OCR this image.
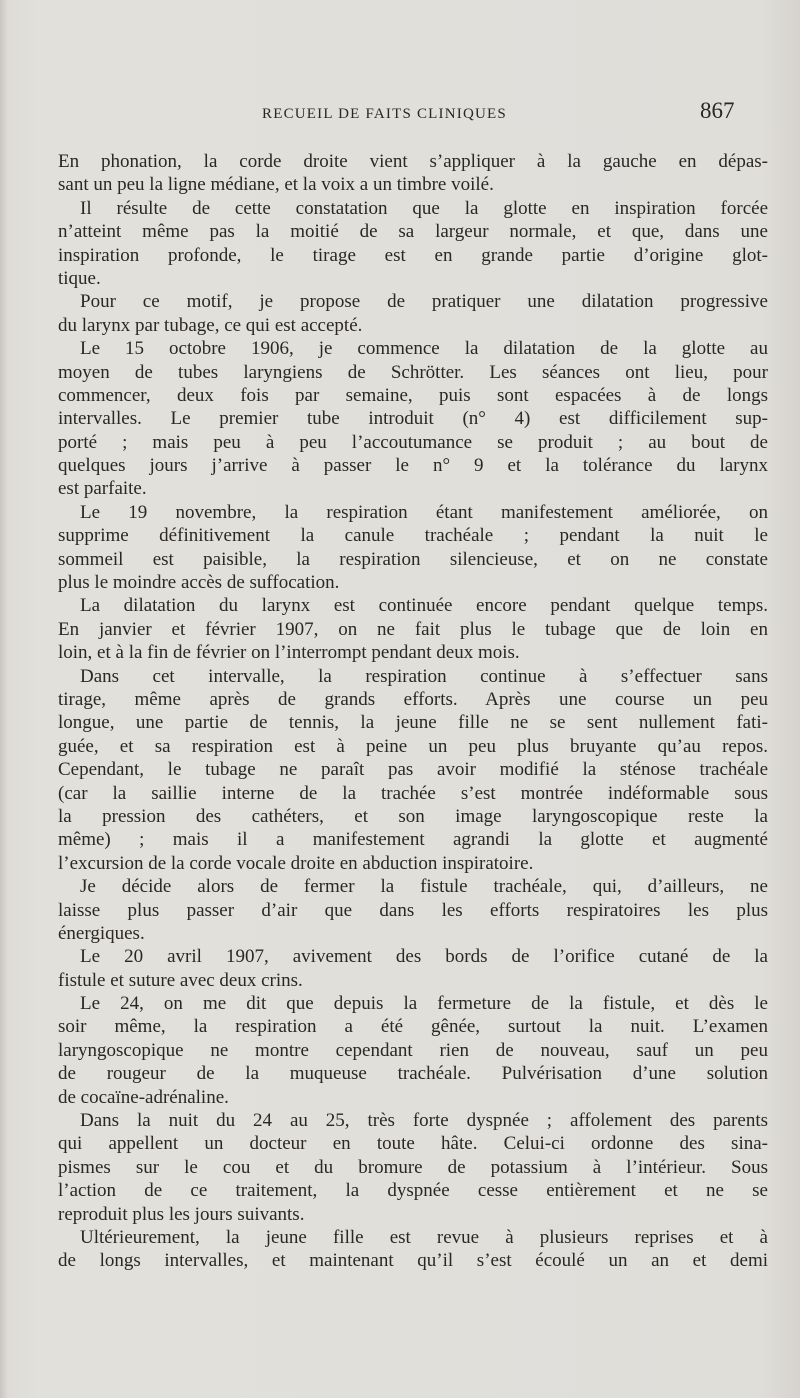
RECUEIL DE FAITS CLINIQUES	867
En phonation, la corde droite vient s’appliquer à la gauche en dépas-
sant un peu la ligne médiane, et la voix a un timbre voilé.
Il résulte de cette constatation que la glotte en inspiration forcée
n’atteint même pas la moitié de sa largeur normale, et que, dans une
inspiration profonde, le tirage est en grande partie d’origine glot-
tique.
Pour ce motif, je propose de pratiquer une dilatation progressive
du larynx par tubage, ce qui est accepté.
Le 15 octobre 1906, je commence la dilatation de la glotte au
moyen de tubes laryngiens de Schrötter. Les séances ont lieu, pour
commencer, deux fois par semaine, puis sont espacées à de longs
intervalles. Le premier tube introduit (n° 4) est difficilement sup-
porté ; mais peu à peu l’accoutumance se produit ; au bout de
quelques jours j’arrive à passer le n° 9 et la tolérance du larynx
est parfaite.
Le 19 novembre, la respiration étant manifestement améliorée, on
supprime définitivement la canule trachéale ; pendant la nuit le
sommeil est paisible, la respiration silencieuse, et on ne constate
plus le moindre accès de suffocation.
La dilatation du larynx est continuée encore pendant quelque temps.
En janvier et février 1907, on ne fait plus le tubage que de loin en
loin, et à la fin de février on l’interrompt pendant deux mois.
Dans cet intervalle, la respiration continue à s’effectuer sans
tirage, même après de grands efforts. Après une course un peu
longue, une partie de tennis, la jeune fille ne se sent nullement fati-
guée, et sa respiration est à peine un peu plus bruyante qu’au repos.
Cependant, le tubage ne paraît pas avoir modifié la sténose trachéale
(car la saillie interne de la trachée s’est montrée indéformable sous
la pression des cathéters, et son image laryngoscopique reste la
même) ; mais il a manifestement agrandi la glotte et augmenté
l’excursion de la corde vocale droite en abduction inspiratoire.
Je décide alors de fermer la fistule trachéale, qui, d’ailleurs, ne
laisse plus passer d’air que dans les efforts respiratoires les plus
énergiques.
Le 20 avril 1907, avivement des bords de l’orifice cutané de la
fistule et suture avec deux crins.
Le 24, on me dit que depuis la fermeture de la fistule, et dès le
soir même, la respiration a été gênée, surtout la nuit. L’examen
laryngoscopique ne montre cependant rien de nouveau, sauf un peu
de rougeur de la muqueuse trachéale. Pulvérisation d’une solution
de cocaïne-adrénaline.
Dans la nuit du 24 au 25, très forte dyspnée ; affolement des parents
qui appellent un docteur en toute hâte. Celui-ci ordonne des sina-
pismes sur le cou et du bromure de potassium à l’intérieur. Sous
l’action de ce traitement, la dyspnée cesse entièrement et ne se
reproduit plus les jours suivants.
Ultérieurement, la jeune fille est revue à plusieurs reprises et à
de longs intervalles, et maintenant qu’il s’est écoulé un an et demi
